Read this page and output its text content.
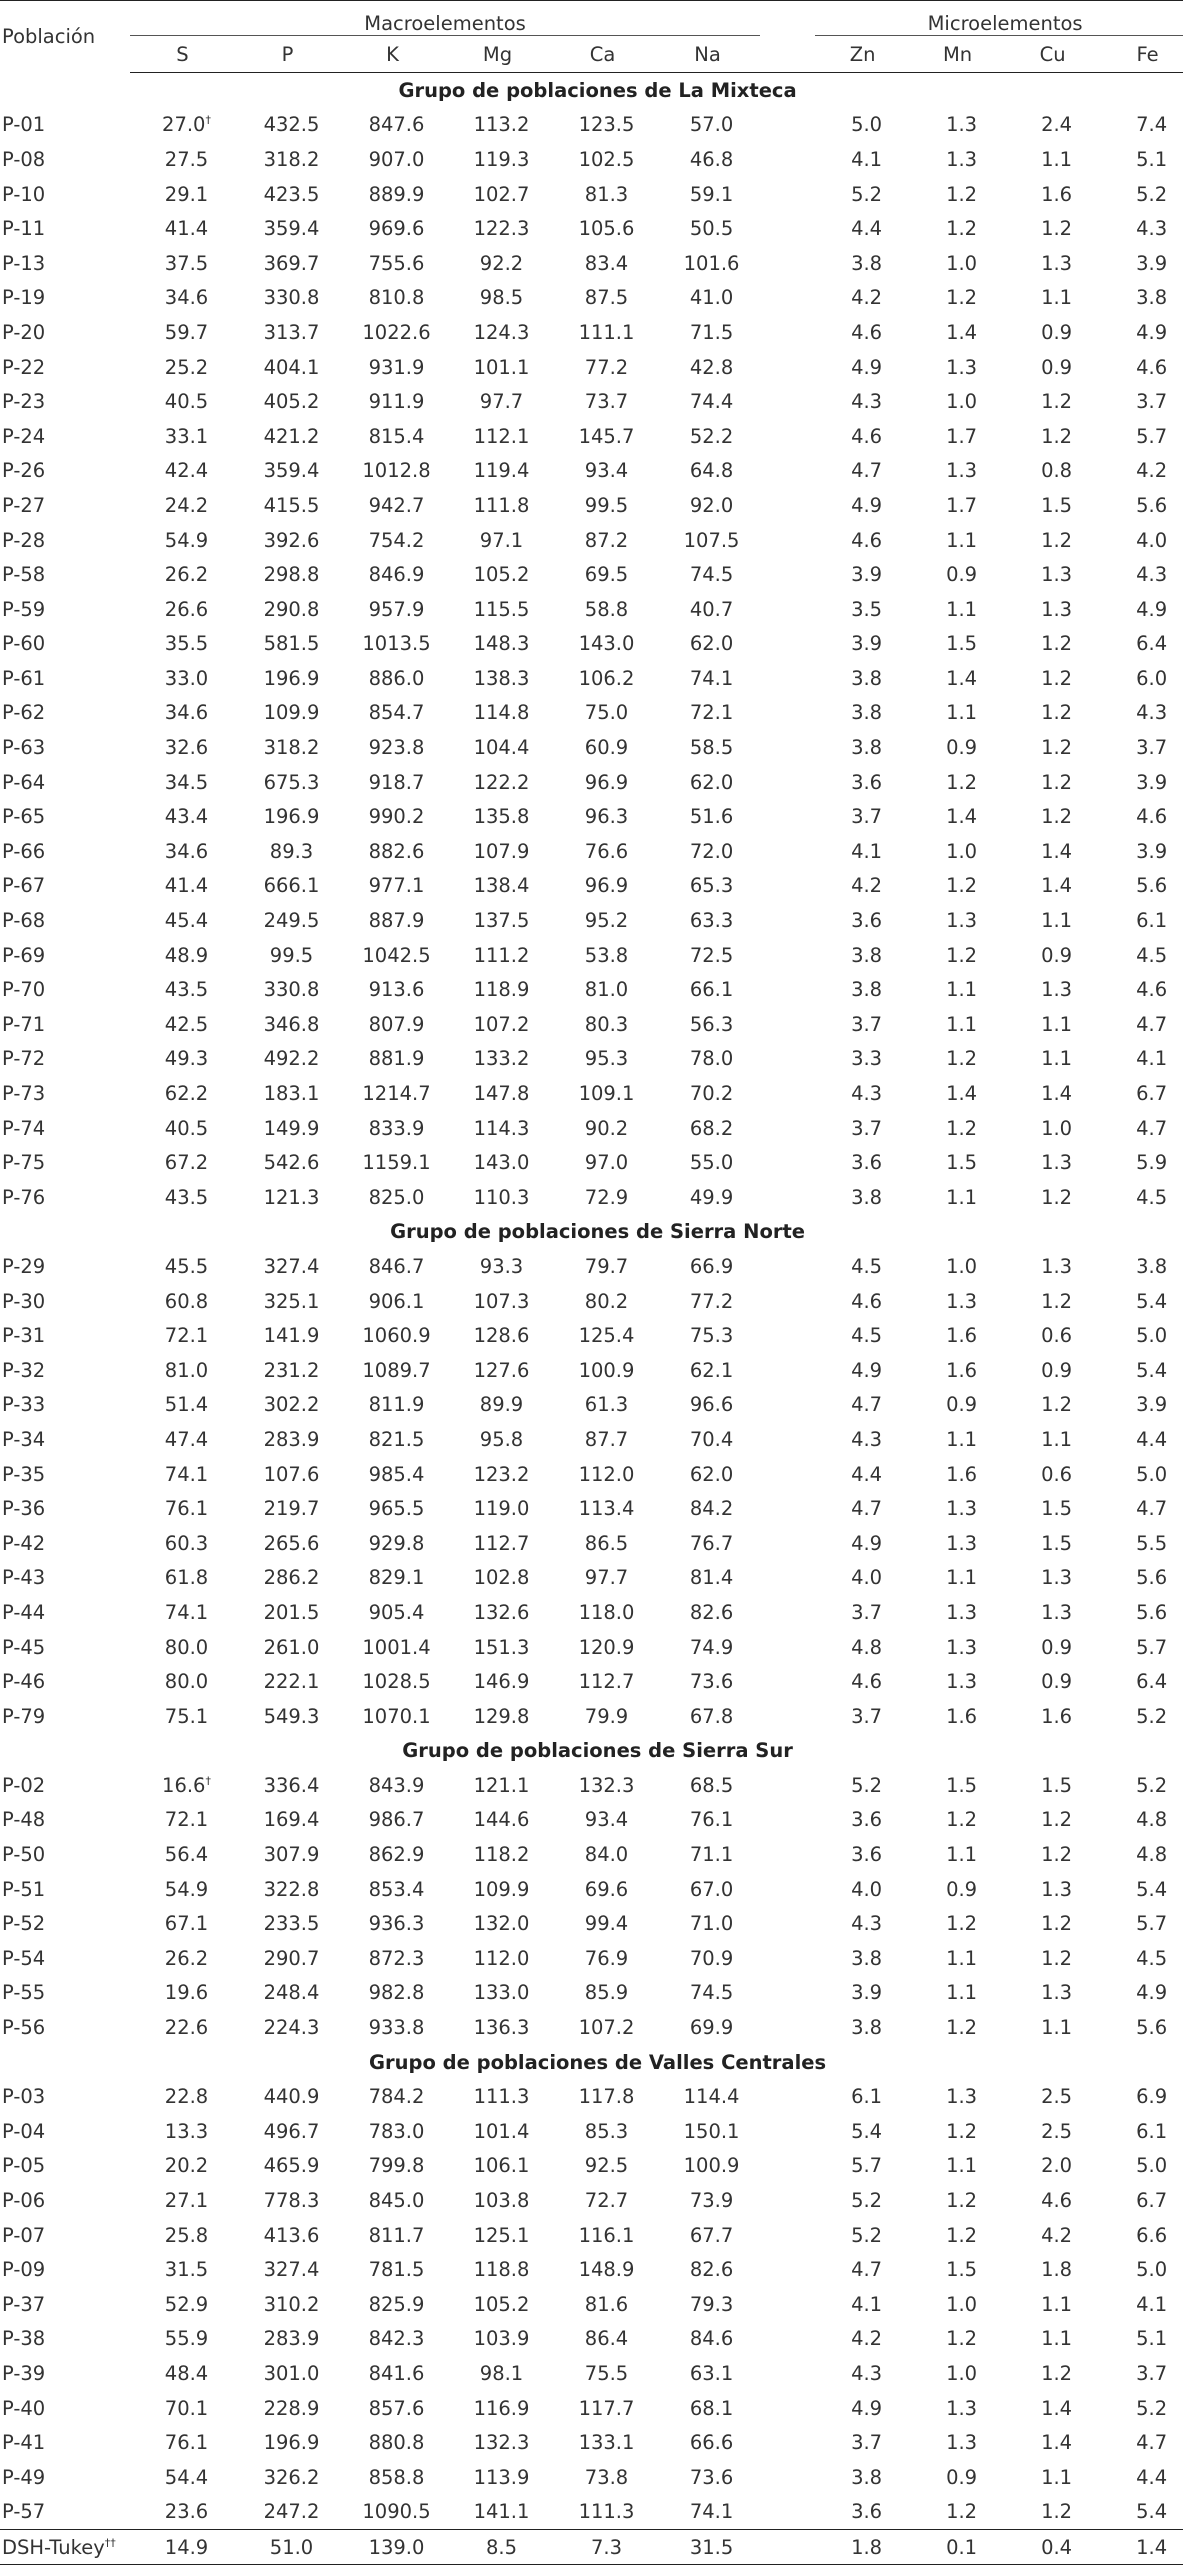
Población	Macroelementos							Microelementos			
	S	P	K	Mg	Ca	Na		Zn	Mn	Cu	Fe
Grupo de poblaciones de La Mixteca											
P-01	27.0†	432.5	847.6	113.2	123.5	57.0		5.0	1.3	2.4	7.4
P-08	27.5	318.2	907.0	119.3	102.5	46.8		4.1	1.3	1.1	5.1
P-10	29.1	423.5	889.9	102.7	81.3	59.1		5.2	1.2	1.6	5.2
P-11	41.4	359.4	969.6	122.3	105.6	50.5		4.4	1.2	1.2	4.3
P-13	37.5	369.7	755.6	92.2	83.4	101.6		3.8	1.0	1.3	3.9
P-19	34.6	330.8	810.8	98.5	87.5	41.0		4.2	1.2	1.1	3.8
P-20	59.7	313.7	1022.6	124.3	111.1	71.5		4.6	1.4	0.9	4.9
P-22	25.2	404.1	931.9	101.1	77.2	42.8		4.9	1.3	0.9	4.6
P-23	40.5	405.2	911.9	97.7	73.7	74.4		4.3	1.0	1.2	3.7
P-24	33.1	421.2	815.4	112.1	145.7	52.2		4.6	1.7	1.2	5.7
P-26	42.4	359.4	1012.8	119.4	93.4	64.8		4.7	1.3	0.8	4.2
P-27	24.2	415.5	942.7	111.8	99.5	92.0		4.9	1.7	1.5	5.6
P-28	54.9	392.6	754.2	97.1	87.2	107.5		4.6	1.1	1.2	4.0
P-58	26.2	298.8	846.9	105.2	69.5	74.5		3.9	0.9	1.3	4.3
P-59	26.6	290.8	957.9	115.5	58.8	40.7		3.5	1.1	1.3	4.9
P-60	35.5	581.5	1013.5	148.3	143.0	62.0		3.9	1.5	1.2	6.4
P-61	33.0	196.9	886.0	138.3	106.2	74.1		3.8	1.4	1.2	6.0
P-62	34.6	109.9	854.7	114.8	75.0	72.1		3.8	1.1	1.2	4.3
P-63	32.6	318.2	923.8	104.4	60.9	58.5		3.8	0.9	1.2	3.7
P-64	34.5	675.3	918.7	122.2	96.9	62.0		3.6	1.2	1.2	3.9
P-65	43.4	196.9	990.2	135.8	96.3	51.6		3.7	1.4	1.2	4.6
P-66	34.6	89.3	882.6	107.9	76.6	72.0		4.1	1.0	1.4	3.9
P-67	41.4	666.1	977.1	138.4	96.9	65.3		4.2	1.2	1.4	5.6
P-68	45.4	249.5	887.9	137.5	95.2	63.3		3.6	1.3	1.1	6.1
P-69	48.9	99.5	1042.5	111.2	53.8	72.5		3.8	1.2	0.9	4.5
P-70	43.5	330.8	913.6	118.9	81.0	66.1		3.8	1.1	1.3	4.6
P-71	42.5	346.8	807.9	107.2	80.3	56.3		3.7	1.1	1.1	4.7
P-72	49.3	492.2	881.9	133.2	95.3	78.0		3.3	1.2	1.1	4.1
P-73	62.2	183.1	1214.7	147.8	109.1	70.2		4.3	1.4	1.4	6.7
P-74	40.5	149.9	833.9	114.3	90.2	68.2		3.7	1.2	1.0	4.7
P-75	67.2	542.6	1159.1	143.0	97.0	55.0		3.6	1.5	1.3	5.9
P-76	43.5	121.3	825.0	110.3	72.9	49.9		3.8	1.1	1.2	4.5
Grupo de poblaciones de Sierra Norte											
P-29	45.5	327.4	846.7	93.3	79.7	66.9		4.5	1.0	1.3	3.8
P-30	60.8	325.1	906.1	107.3	80.2	77.2		4.6	1.3	1.2	5.4
P-31	72.1	141.9	1060.9	128.6	125.4	75.3		4.5	1.6	0.6	5.0
P-32	81.0	231.2	1089.7	127.6	100.9	62.1		4.9	1.6	0.9	5.4
P-33	51.4	302.2	811.9	89.9	61.3	96.6		4.7	0.9	1.2	3.9
P-34	47.4	283.9	821.5	95.8	87.7	70.4		4.3	1.1	1.1	4.4
P-35	74.1	107.6	985.4	123.2	112.0	62.0		4.4	1.6	0.6	5.0
P-36	76.1	219.7	965.5	119.0	113.4	84.2		4.7	1.3	1.5	4.7
P-42	60.3	265.6	929.8	112.7	86.5	76.7		4.9	1.3	1.5	5.5
P-43	61.8	286.2	829.1	102.8	97.7	81.4		4.0	1.1	1.3	5.6
P-44	74.1	201.5	905.4	132.6	118.0	82.6		3.7	1.3	1.3	5.6
P-45	80.0	261.0	1001.4	151.3	120.9	74.9		4.8	1.3	0.9	5.7
P-46	80.0	222.1	1028.5	146.9	112.7	73.6		4.6	1.3	0.9	6.4
P-79	75.1	549.3	1070.1	129.8	79.9	67.8		3.7	1.6	1.6	5.2
Grupo de poblaciones de Sierra Sur											
P-02	16.6†	336.4	843.9	121.1	132.3	68.5		5.2	1.5	1.5	5.2
P-48	72.1	169.4	986.7	144.6	93.4	76.1		3.6	1.2	1.2	4.8
P-50	56.4	307.9	862.9	118.2	84.0	71.1		3.6	1.1	1.2	4.8
P-51	54.9	322.8	853.4	109.9	69.6	67.0		4.0	0.9	1.3	5.4
P-52	67.1	233.5	936.3	132.0	99.4	71.0		4.3	1.2	1.2	5.7
P-54	26.2	290.7	872.3	112.0	76.9	70.9		3.8	1.1	1.2	4.5
P-55	19.6	248.4	982.8	133.0	85.9	74.5		3.9	1.1	1.3	4.9
P-56	22.6	224.3	933.8	136.3	107.2	69.9		3.8	1.2	1.1	5.6
Grupo de poblaciones de Valles Centrales											
P-03	22.8	440.9	784.2	111.3	117.8	114.4		6.1	1.3	2.5	6.9
P-04	13.3	496.7	783.0	101.4	85.3	150.1		5.4	1.2	2.5	6.1
P-05	20.2	465.9	799.8	106.1	92.5	100.9		5.7	1.1	2.0	5.0
P-06	27.1	778.3	845.0	103.8	72.7	73.9		5.2	1.2	4.6	6.7
P-07	25.8	413.6	811.7	125.1	116.1	67.7		5.2	1.2	4.2	6.6
P-09	31.5	327.4	781.5	118.8	148.9	82.6		4.7	1.5	1.8	5.0
P-37	52.9	310.2	825.9	105.2	81.6	79.3		4.1	1.0	1.1	4.1
P-38	55.9	283.9	842.3	103.9	86.4	84.6		4.2	1.2	1.1	5.1
P-39	48.4	301.0	841.6	98.1	75.5	63.1		4.3	1.0	1.2	3.7
P-40	70.1	228.9	857.6	116.9	117.7	68.1		4.9	1.3	1.4	5.2
P-41	76.1	196.9	880.8	132.3	133.1	66.6		3.7	1.3	1.4	4.7
P-49	54.4	326.2	858.8	113.9	73.8	73.6		3.8	0.9	1.1	4.4
P-57	23.6	247.2	1090.5	141.1	111.3	74.1		3.6	1.2	1.2	5.4
DSH-Tukey††	14.9	51.0	139.0	8.5	7.3	31.5		1.8	0.1	0.4	1.4
